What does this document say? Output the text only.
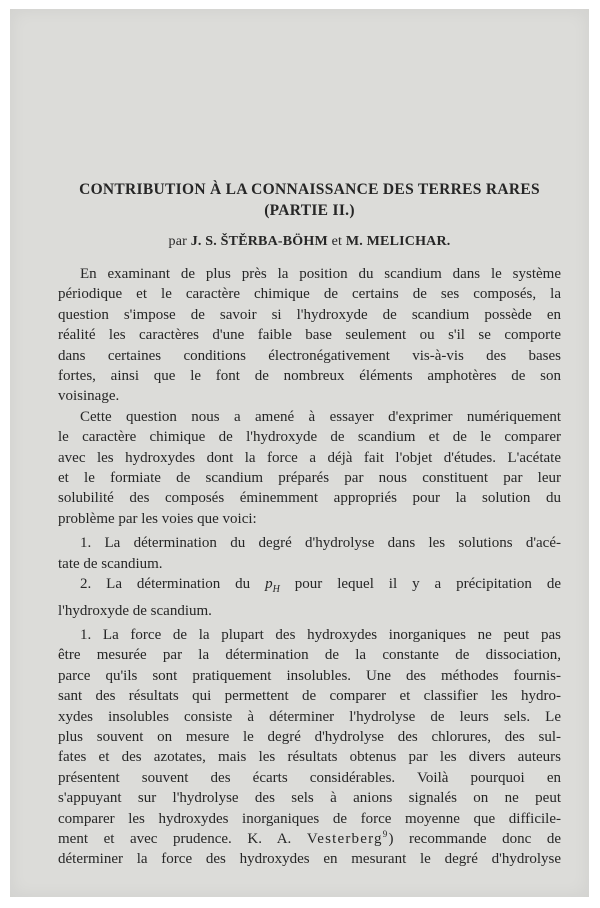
CONTRIBUTION À LA CONNAISSANCE DES TERRES RARES
(PARTIE II.)
par J. S. ŠTĚRBA-BÖHM et M. MELICHAR.
En examinant de plus près la position du scandium dans le système
périodique et le caractère chimique de certains de ses composés, la
question s'impose de savoir si l'hydroxyde de scandium possède en
réalité les caractères d'une faible base seulement ou s'il se comporte
dans certaines conditions électronégativement vis-à-vis des bases
fortes, ainsi que le font de nombreux éléments amphotères de son
voisinage.
Cette question nous a amené à essayer d'exprimer numériquement
le caractère chimique de l'hydroxyde de scandium et de le comparer
avec les hydroxydes dont la force a déjà fait l'objet d'études. L'acétate
et le formiate de scandium préparés par nous constituent par leur
solubilité des composés éminemment appropriés pour la solution du
problème par les voies que voici:
1. La détermination du degré d'hydrolyse dans les solutions d'acé-
tate de scandium.
2. La détermination du $p_H$ pour lequel il y a précipitation de
l'hydroxyde de scandium.
1. La force de la plupart des hydroxydes inorganiques ne peut pas
être mesurée par la détermination de la constante de dissociation,
parce qu'ils sont pratiquement insolubles. Une des méthodes fournis-
sant des résultats qui permettent de comparer et classifier les hydro-
xydes insolubles consiste à déterminer l'hydrolyse de leurs sels. Le
plus souvent on mesure le degré d'hydrolyse des chlorures, des sul-
fates et des azotates, mais les résultats obtenus par les divers auteurs
présentent souvent des écarts considérables. Voilà pourquoi en
s'appuyant sur l'hydrolyse des sels à anions signalés on ne peut
comparer les hydroxydes inorganiques de force moyenne que difficile-
ment et avec prudence. K. A. Vesterberg$^9$) recommande donc de
déterminer la force des hydroxydes en mesurant le degré d'hydrolyse
